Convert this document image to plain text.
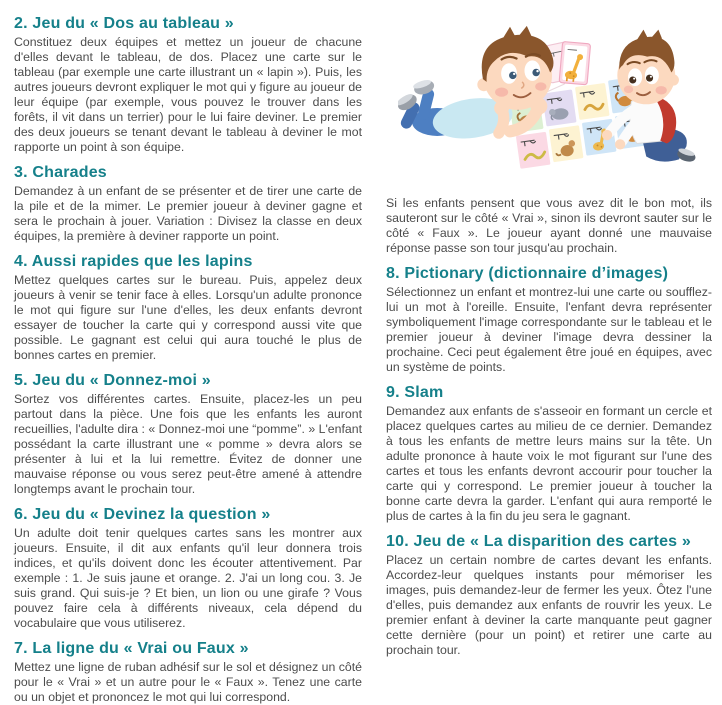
2. Jeu du « Dos au tableau »

Constituez deux équipes et mettez un joueur de chacune d'elles devant le tableau, de dos. Placez une carte sur le tableau (par exemple une carte illustrant un « lapin »). Puis, les autres joueurs devront expliquer le mot qui y figure au joueur de leur équipe (par exemple, vous pouvez le trouver dans les forêts, il vit dans un terrier) pour le lui faire deviner. Le premier des deux joueurs se tenant devant le tableau à deviner le mot rapporte un point à son équipe.

3. Charades

Demandez à un enfant de se présenter et de tirer une carte de la pile et de la mimer. Le premier joueur à deviner gagne et sera le prochain à jouer. Variation : Divisez la classe en deux équipes, la première à deviner rapporte un point.

4. Aussi rapides que les lapins

Mettez quelques cartes sur le bureau. Puis, appelez deux joueurs à venir se tenir face à elles. Lorsqu'un adulte prononce le mot qui figure sur l'une d'elles, les deux enfants devront essayer de toucher la carte qui y correspond aussi vite que possible. Le gagnant est celui qui aura touché le plus de bonnes cartes en premier.

5. Jeu du « Donnez-moi »

Sortez vos différentes cartes. Ensuite, placez-les un peu partout dans la pièce. Une fois que les enfants les auront recueillies, l'adulte dira : « Donnez-moi une “pomme”. » L'enfant possédant la carte illustrant une « pomme » devra alors se présenter à lui et la lui remettre. Évitez de donner une mauvaise réponse ou vous serez peut-être amené à attendre longtemps avant le prochain tour.

6. Jeu du « Devinez la question »

Un adulte doit tenir quelques cartes sans les montrer aux joueurs. Ensuite, il dit aux enfants qu'il leur donnera trois indices, et qu'ils doivent donc les écouter attentivement. Par exemple : 1. Je suis jaune et orange. 2. J'ai un long cou. 3. Je suis grand. Qui suis-je ? Et bien, un lion ou une girafe ? Vous pouvez faire cela à différents niveaux, cela dépend du vocabulaire que vous utiliserez.

7. La ligne du « Vrai ou Faux »

Mettez une ligne de ruban adhésif sur le sol et désignez un côté pour le « Vrai » et un autre pour le « Faux ». Tenez une carte ou un objet et prononcez le mot qui lui correspond.

Si les enfants pensent que vous avez dit le bon mot, ils sauteront sur le côté « Vrai », sinon ils devront sauter sur le côté « Faux ». Le joueur ayant donné une mauvaise réponse passe son tour jusqu'au prochain.

8. Pictionary (dictionnaire d’images)

Sélectionnez un enfant et montrez-lui une carte ou soufflez-lui un mot à l'oreille. Ensuite, l'enfant devra représenter symboliquement l'image correspondante sur le tableau et le premier joueur à deviner l'image devra dessiner la prochaine. Ceci peut également être joué en équipes, avec un système de points.

9. Slam

Demandez aux enfants de s'asseoir en formant un cercle et placez quelques cartes au milieu de ce dernier. Demandez à tous les enfants de mettre leurs mains sur la tête. Un adulte prononce à haute voix le mot figurant sur l'une des cartes et tous les enfants devront accourir pour toucher la carte qui y correspond. Le premier joueur à toucher la bonne carte devra la garder. L'enfant qui aura remporté le plus de cartes à la fin du jeu sera le gagnant.

10. Jeu de « La disparition des cartes »

Placez un certain nombre de cartes devant les enfants. Accordez-leur quelques instants pour mémoriser les images, puis demandez-leur de fermer les yeux. Ôtez l'une d'elles, puis demandez aux enfants de rouvrir les yeux. Le premier enfant à deviner la carte manquante peut gagner cette dernière (pour un point) et retirer une carte au prochain tour.
